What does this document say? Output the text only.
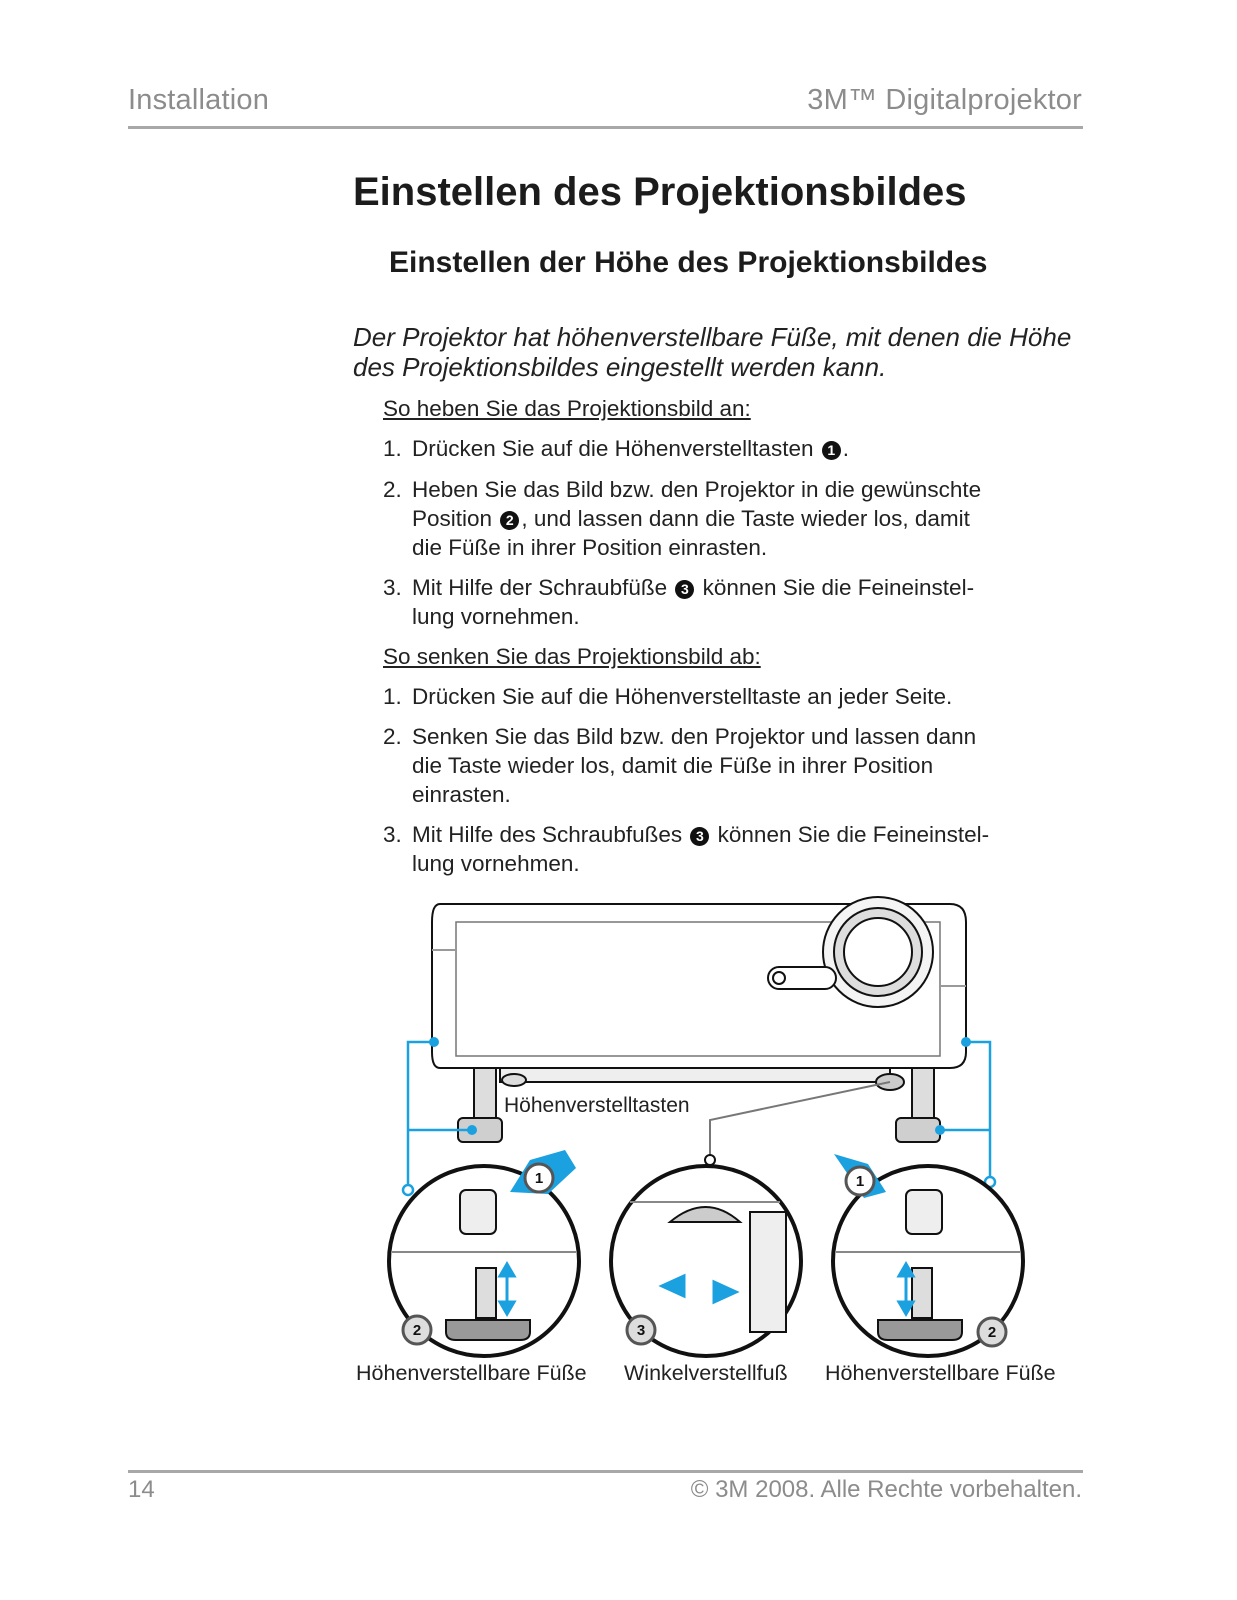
Installation	3M™ Digitalprojektor
Einstellen des Projektionsbildes
Einstellen der Höhe des Projektionsbildes
Der Projektor hat höhenverstellbare Füße, mit denen die Höhe des Projektionsbildes eingestellt werden kann.
So heben Sie das Projektionsbild an:
1. Drücken Sie auf die Höhenverstelltasten 1 .
2. Heben Sie das Bild bzw. den Projektor in die gewünschte
Position 2 , und lassen dann die Taste wieder los, damit
die Füße in ihrer Position einrasten.
3. Mit Hilfe der Schraubfüße 3 können Sie die Feineinstel-
lung vornehmen.
So senken Sie das Projektionsbild ab:
1. Drücken Sie auf die Höhenverstelltaste an jeder Seite.
2. Senken Sie das Bild bzw. den Projektor und lassen dann
die Taste wieder los, damit die Füße in ihrer Position
einrasten.
3. Mit Hilfe des Schraubfußes 3 können Sie die Feineinstel-
lung vornehmen.
Höhenverstelltasten
1	1
2	3	2
Höhenverstellbare Füße Winkelverstellfuß Höhenverstellbare Füße
14	© 3M 2008. Alle Rechte vorbehalten.
